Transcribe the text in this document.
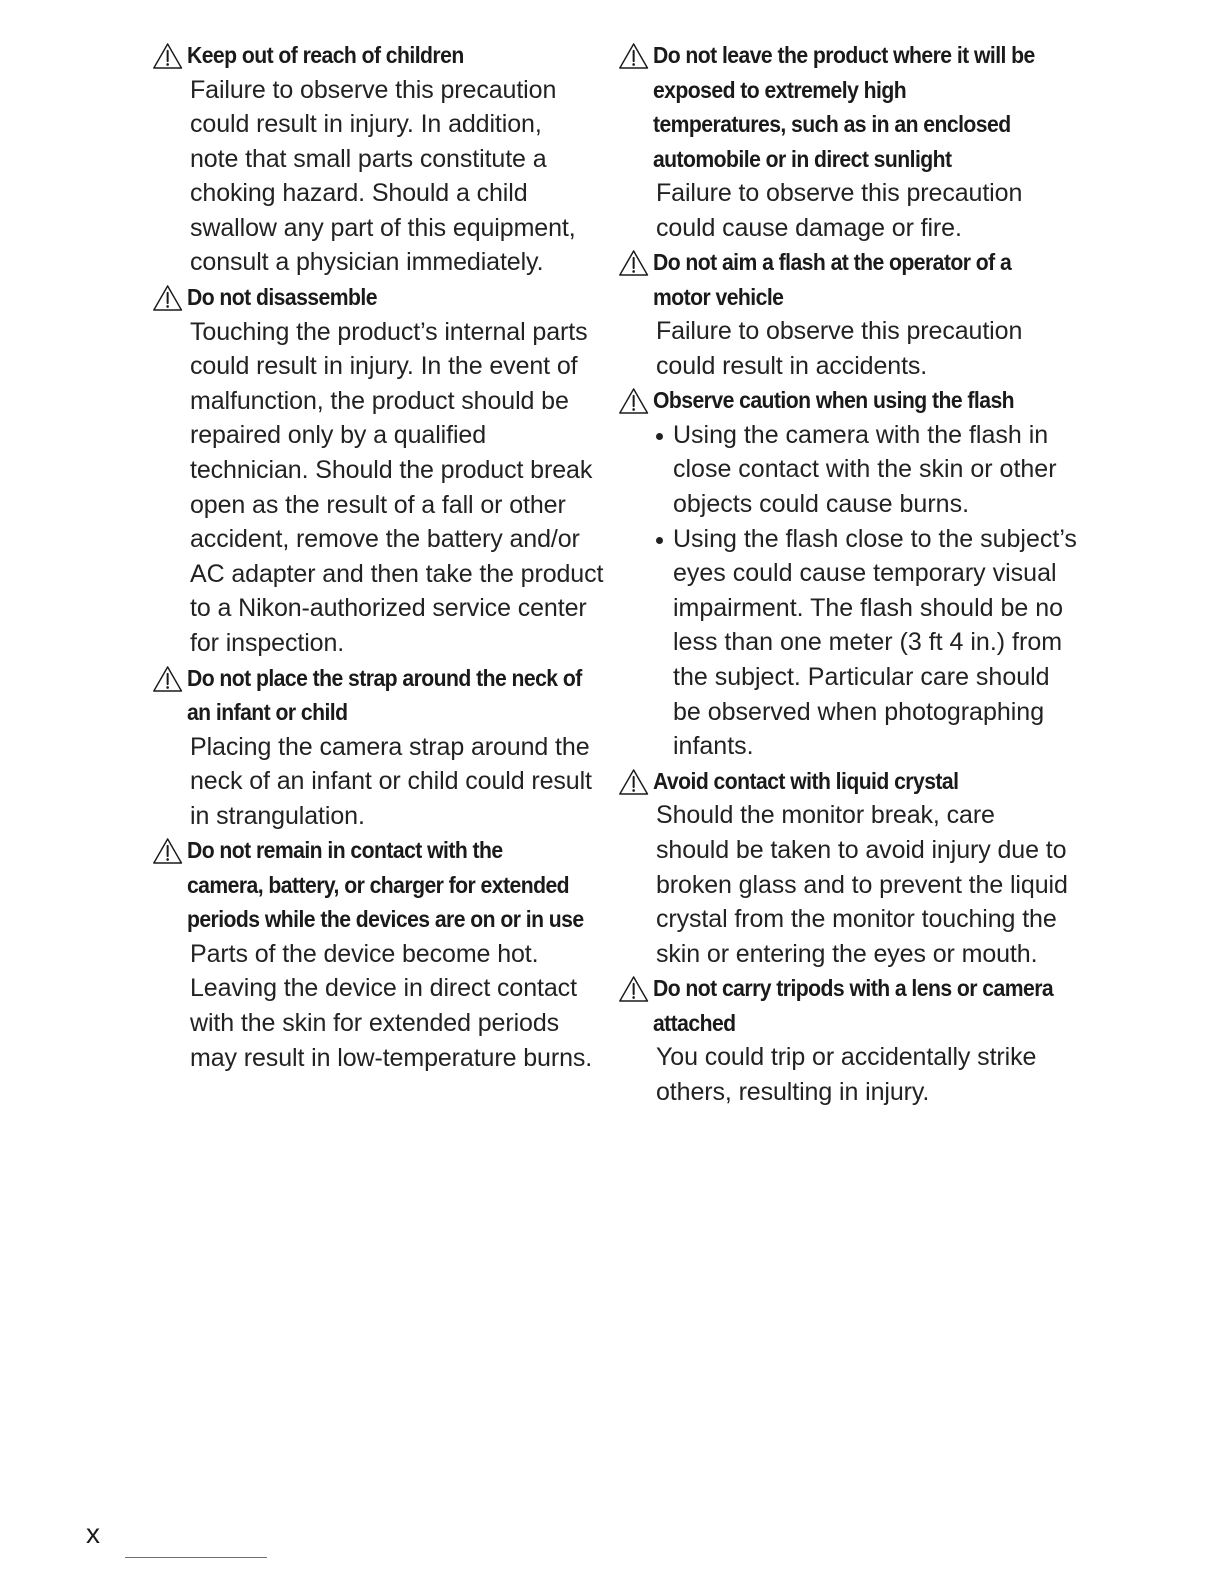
Keep out of reach of children
Failure to observe this precaution
could result in injury. In addition,
note that small parts constitute a
choking hazard. Should a child
swallow any part of this equipment,
consult a physician immediately.
Do not disassemble
Touching the product’s internal parts
could result in injury. In the event of
malfunction, the product should be
repaired only by a qualified
technician. Should the product break
open as the result of a fall or other
accident, remove the battery and/or
AC adapter and then take the product
to a Nikon-authorized service center
for inspection.
Do not place the strap around the neck of
an infant or child
Placing the camera strap around the
neck of an infant or child could result
in strangulation.
Do not remain in contact with the
camera, battery, or charger for extended
periods while the devices are on or in use
Parts of the device become hot.
Leaving the device in direct contact
with the skin for extended periods
may result in low-temperature burns.
Do not leave the product where it will be
exposed to extremely high
temperatures, such as in an enclosed
automobile or in direct sunlight
Failure to observe this precaution
could cause damage or fire.
Do not aim a flash at the operator of a
motor vehicle
Failure to observe this precaution
could result in accidents.
Observe caution when using the flash
Using the camera with the flash in
close contact with the skin or other
objects could cause burns.
Using the flash close to the subject’s
eyes could cause temporary visual
impairment. The flash should be no
less than one meter (3 ft 4 in.) from
the subject. Particular care should
be observed when photographing
infants.
Avoid contact with liquid crystal
Should the monitor break, care
should be taken to avoid injury due to
broken glass and to prevent the liquid
crystal from the monitor touching the
skin or entering the eyes or mouth.
Do not carry tripods with a lens or camera
attached
You could trip or accidentally strike
others, resulting in injury.
x
